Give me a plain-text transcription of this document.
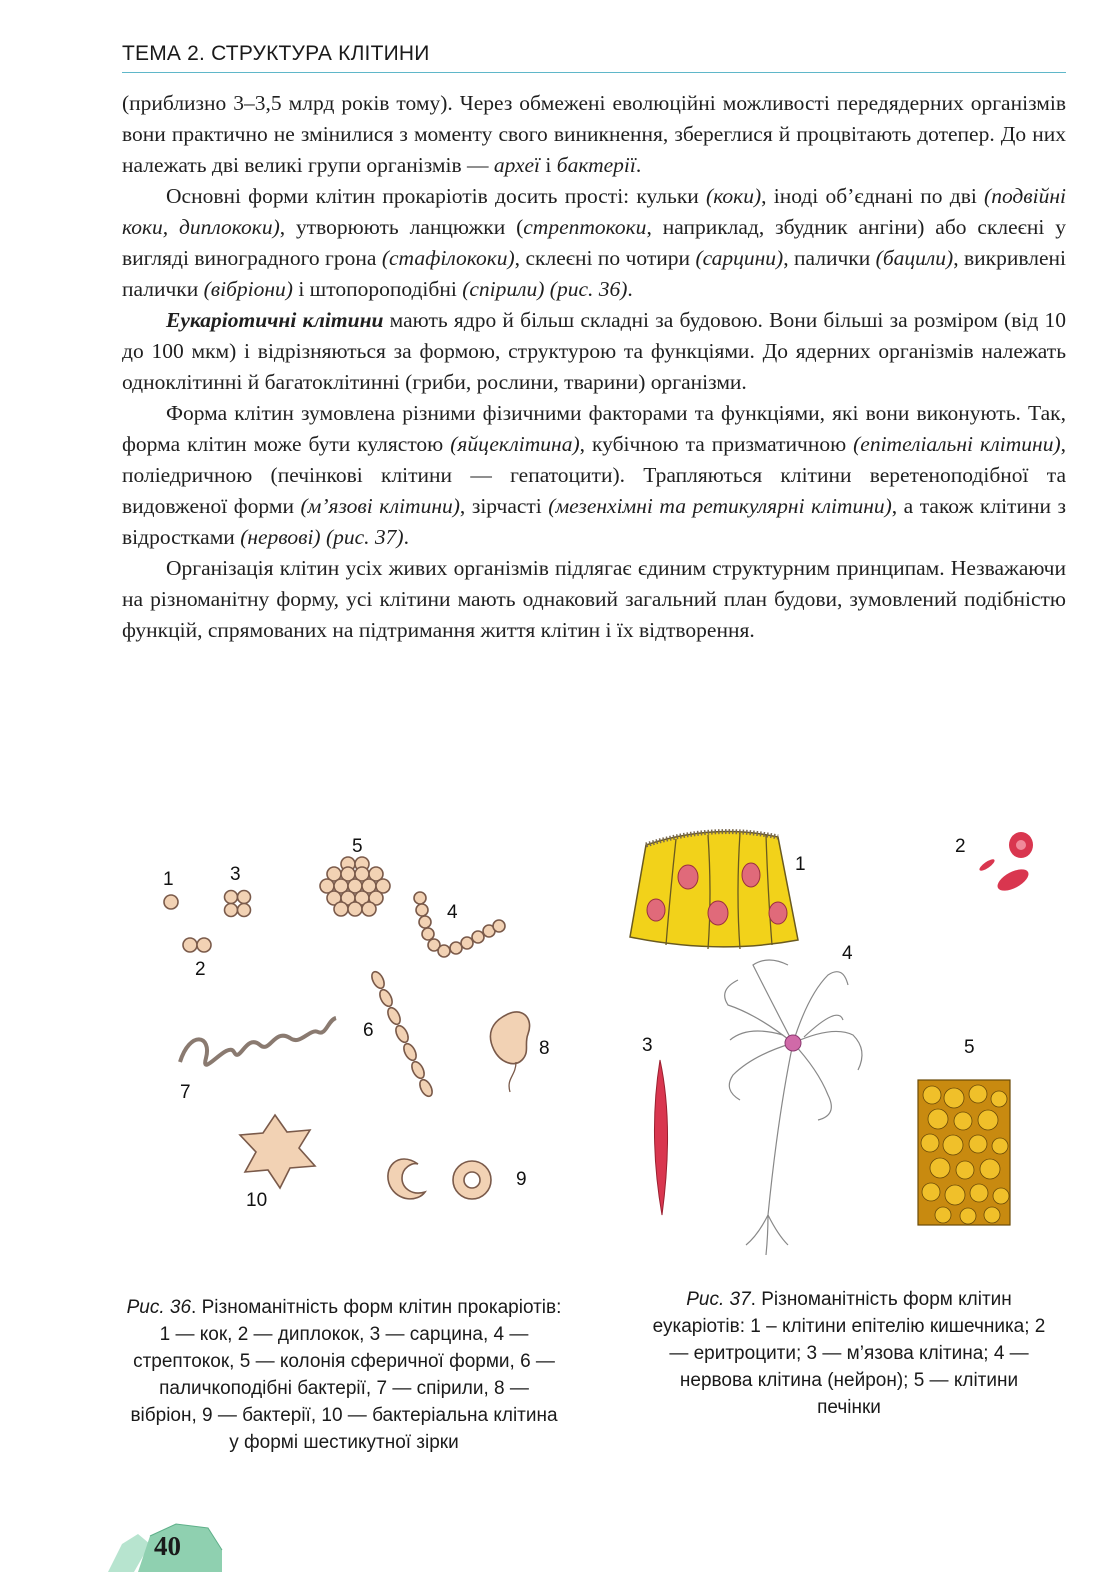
ТЕМА 2. СТРУКТУРА КЛІТИНИ

(приблизно 3–3,5 млрд років тому). Через обмежені еволюційні можливості передядерних організмів вони практично не змінилися з моменту свого виникнення, збереглися й процвітають дотепер. До них належать дві великі групи організмів — археї і бактерії.

Основні форми клітин прокаріотів досить прості: кульки (коки), іноді об’єднані по дві (подвійні коки, диплококи), утворюють ланцюжки (стрептококи, наприклад, збудник ангіни) або склеєні у вигляді виноградного грона (стафілококи), склеєні по чотири (сарцини), палички (бацили), викривлені палички (вібріони) і штопороподібні (спірили) (рис. 36).

Еукаріотичні клітини мають ядро й більш складні за будовою. Вони більші за розміром (від 10 до 100 мкм) і відрізняються за формою, структурою та функціями. До ядерних організмів належать одноклітинні й багатоклітинні (гриби, рослини, тварини) організми.

Форма клітин зумовлена різними фізичними факторами та функціями, які вони виконують. Так, форма клітин може бути кулястою (яйцеклітина), кубічною та призматичною (епітеліальні клітини), поліедричною (печінкові клітини — гепатоцити). Трапляються клітини веретеноподібної та видовженої форми (м’язові клітини), зірчасті (мезенхімні та ретикулярні клітини), а також клітини з відростками (нервові) (рис. 37).

Організація клітин усіх живих організмів підлягає єдиним структурним принципам. Незважаючи на різноманітну форму, усі клітини мають однаковий загальний план будови, зумовлений подібністю функцій, спрямованих на підтримання життя клітин і їх відтворення.

1
2
3
4
5
6
7
8
9
10
Рис. 36. Різноманітність форм клітин прокаріотів: 1 — кок, 2 — диплокок, 3 — сарцина, 4 — стрептокок, 5 — колонія сферичної форми, 6 — паличкоподібні бактерії, 7 — спірили, 8 — вібріон, 9 — бактерії, 10 — бактеріальна клітина у формі шестикутної зірки
1
2
3
4
5
Рис. 37. Різноманітність форм клітин еукаріотів: 1 – клітини епітелію кишечника; 2 — еритроцити; 3 — м’язова клітина; 4 — нервова клітина (нейрон); 5 — клітини печінки
40
